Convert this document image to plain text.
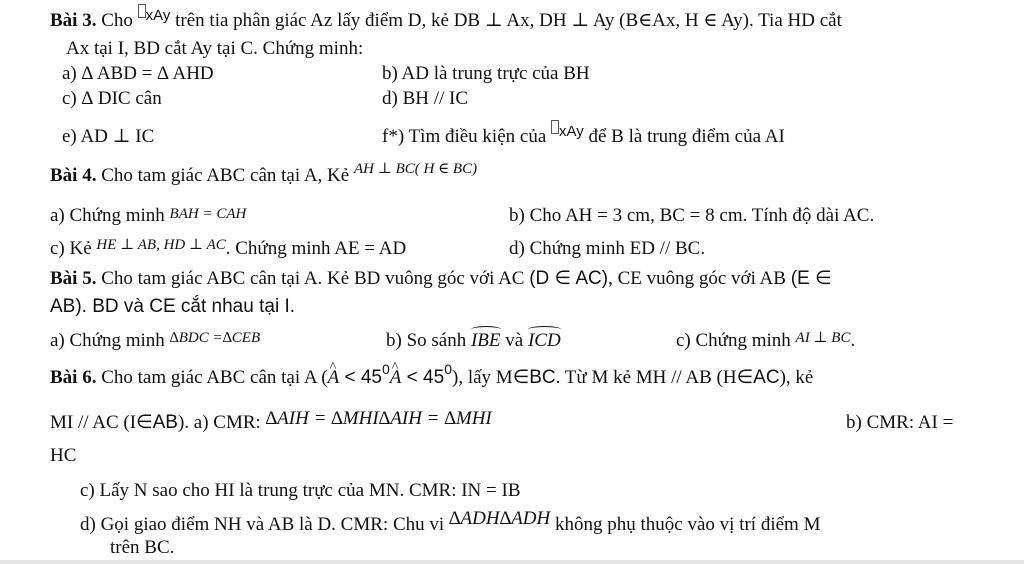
Bài 3. Cho $^{xAy}$ trên tia phân giác Az lấy điểm D, kẻ DB ⊥ Ax, DH ⊥ Ay (B∈Ax, H ∈ Ay). Tia HD cắt
Ax tại I, BD cắt Ay tại C. Chứng minh:
a) ∆ ABD = ∆ AHD	b) AD là trung trực của BH
c) ∆ DIC cân	d) BH // IC
e) AD ⊥ IC	f*) Tìm điều kiện của $^{xAy}$ để B là trung điểm của AI
Bài 4. Cho tam giác ABC cân tại A, Kẻ $^{AH \perp BC( H \in BC)}$
a) Chứng minh BAH = CAH	b) Cho AH = 3 cm, BC = 8 cm. Tính độ dài AC.
c) Kẻ $^{HE \perp AB, HD \perp AC}$. Chứng minh AE = AD	d) Chứng minh ED // BC.
Bài 5. Cho tam giác ABC cân tại A. Kẻ BD vuông góc với AC (D ∈ AC), CE vuông góc với AB (E ∈
AB). BD và CE cắt nhau tại I.
a) Chứng minh $^{\Delta BDC =\Delta CEB}$	b) So sánh IBE và ICD	c) Chứng minh $^{AI \perp BC}$.
Bài 6. Cho tam giác ABC cân tại A (^ $A < 45^0\^{}$ $A < 45^0$), lấy M∈BC. Từ M kẻ MH // AB (H∈AC), kẻ
MI // AC (I∈AB). a) CMR: ∆AIH = ∆MHI∆AIH = ∆MHI	b) CMR: AI =
HC
c) Lấy N sao cho HI là trung trực của MN. CMR: IN = IB
d) Gọi giao điểm NH và AB là D. CMR: Chu vi ∆ADH∆ADH không phụ thuộc vào vị trí điểm M
trên BC.
